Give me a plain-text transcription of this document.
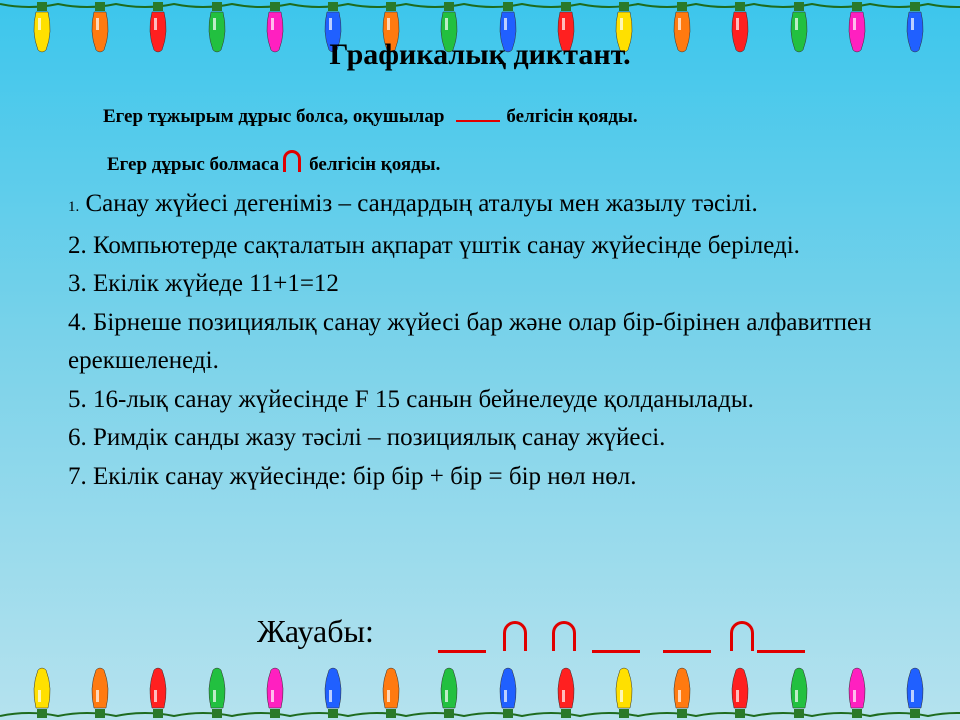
Графикалық диктант.
Егер тұжырым дұрыс болса, оқушылар	белгісін қояды.
Егер дұрыс болмаса белгісін қояды.

1. Санау жүйесі дегеніміз – сандардың аталуы мен жазылу тәсілі.

2. Компьютерде сақталатын ақпарат үштік санау жүйесінде беріледі.

3. Екілік жүйеде 11+1=12

4. Бірнеше позициялық санау жүйесі бар және олар бір-бірінен алфавитпен ерекшеленеді.

5. 16-лық санау жүйесінде F 15 санын бейнелеуде қолданылады.

6. Римдік санды жазу тәсілі – позициялық санау жүйесі.

7. Екілік санау жүйесінде: бір бір + бір = бір нөл нөл.

Жауабы:
